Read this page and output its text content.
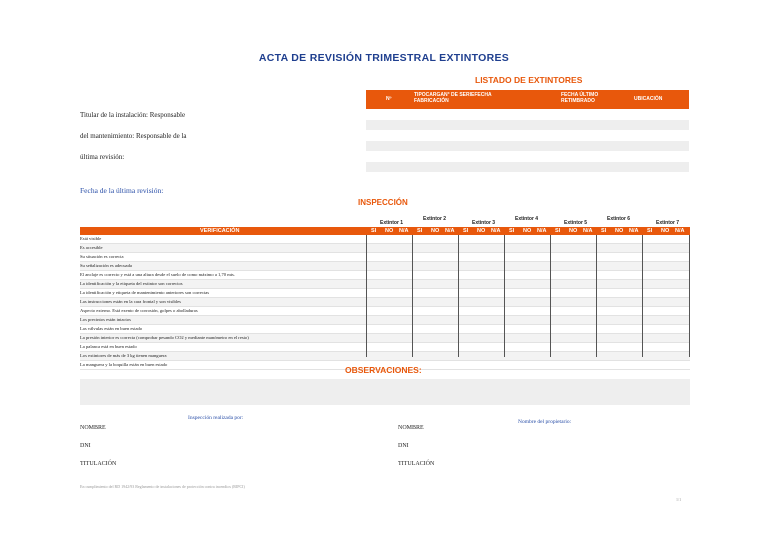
ACTA DE REVISIÓN TRIMESTRAL EXTINTORES
LISTADO DE EXTINTORES
Nº
TIPOCARGAN° DE SERIEFECHA FABRICACIÓN
FECHA ÚLTIMO RETIMBRADO	UBICACIÓN
Titular de la instalación: Responsable
del mantenimiento: Responsable de la
última revisión:
Fecha de la última revisión:
INSPECCIÓN
Extintor 1
Extintor 2
Extintor 3
Extintor 4
Extintor 5
Extintor 6
Extintor 7
VERIFICACIÓN	SI NO N/A SI NO N/A SI NO N/A SI NO N/A SI NO N/A SI NO N/A SI NO N/A
Está visible
Es accesible
Su situación es correcta
Su señalización es adecuada
El anclaje es correcto y está a una altura desde el suelo de como máximo a 1,70 mts.
La identificación y la etiqueta del extintor son correctos
La identificación y etiqueta de mantenimiento anteriores son correctas
Las instrucciones están en la cara frontal y son visibles
Aspecto externo. Está exento de corrosión, golpes o abolladuras
Los precintos están intactos
Las válvulas están en buen estado
La presión interior es correcta (comprobar pesando CO2 y mediante manómetro en el resto)
La palanca está en buen estado
Los extintores de más de 3 kg tienen manguera
La manguera y la boquilla están en buen estado
OBSERVACIONES:
Inspección realizada por:
Nombre del propietario:
NOMBRE
DNI
TITULACIÓN
NOMBRE
DNI
TITULACIÓN
En cumplimiento del RD 1942/93 Reglamento de instalaciones de protección contra incendios (RIPCI)
1/1
